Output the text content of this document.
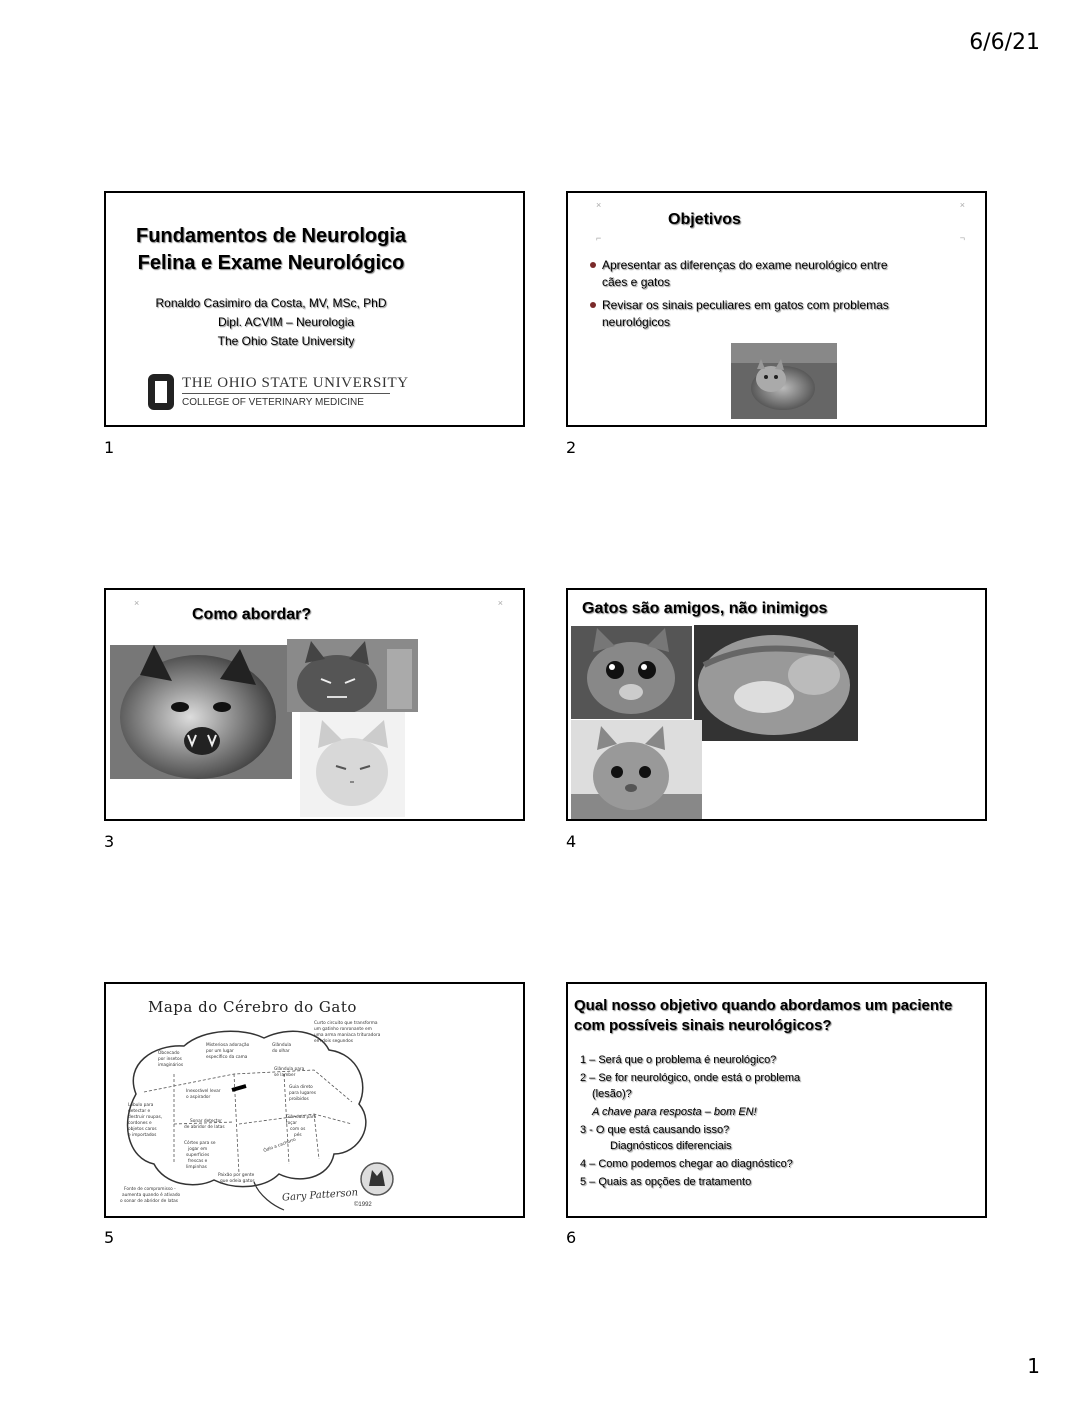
6/6/21
Fundamentos de Neurologia
Felina e Exame Neurológico
Ronaldo Casimiro da Costa, MV, MSc, PhD
Dipl. ACVIM – Neurologia
The Ohio State University
THE OHIO STATE UNIVERSITY
COLLEGE OF VETERINARY MEDICINE
1
×	×
⌐	¬
Objetivos
Apresentar as diferenças do exame neurológico entre cães e gatos
Revisar os sinais peculiares em gatos com problemas neurológicos
2
×	×
Como abordar?
3
Gatos são amigos, não inimigos
4
Mapa do Cérebro do Gato
Curto circuito que transforma
um gatinho ronronante em
uma arma maníaca trituradora
em dois segundos
Misteriosa adoração
por um lugar
específico da cama
Obcecado
por insetos
imaginários
Glândula
do olhar
Glândula para
se lamber
Inexorável levar
o aspirador
Guia direto
para lugares
proibidos
Lóbulo para
detectar e
destruir roupas,
cordones e
objetos caros
e importados
Sonar detector
de abridor de latas
Glândula para
roçar
com os
pés
Córtex para se
jogar em
superfícies
frescas e
limpinhas
Ódio a cachorro
Paixão por gente
que odeia gatos
Fonte de compromisso -
aumenta quando é ativado
o sonar de abridor de latas	Gary Patterson
©1992
5
Qual nosso objetivo quando abordamos um paciente com possíveis sinais neurológicos?
1 – Será que o problema é neurológico?
2 – Se for neurológico, onde está o problema
(lesão)?
A chave para resposta – bom EN!
3 - O que está causando isso?
Diagnósticos diferenciais
4 – Como podemos chegar ao diagnóstico?
5 – Quais as opções de tratamento
6
1
